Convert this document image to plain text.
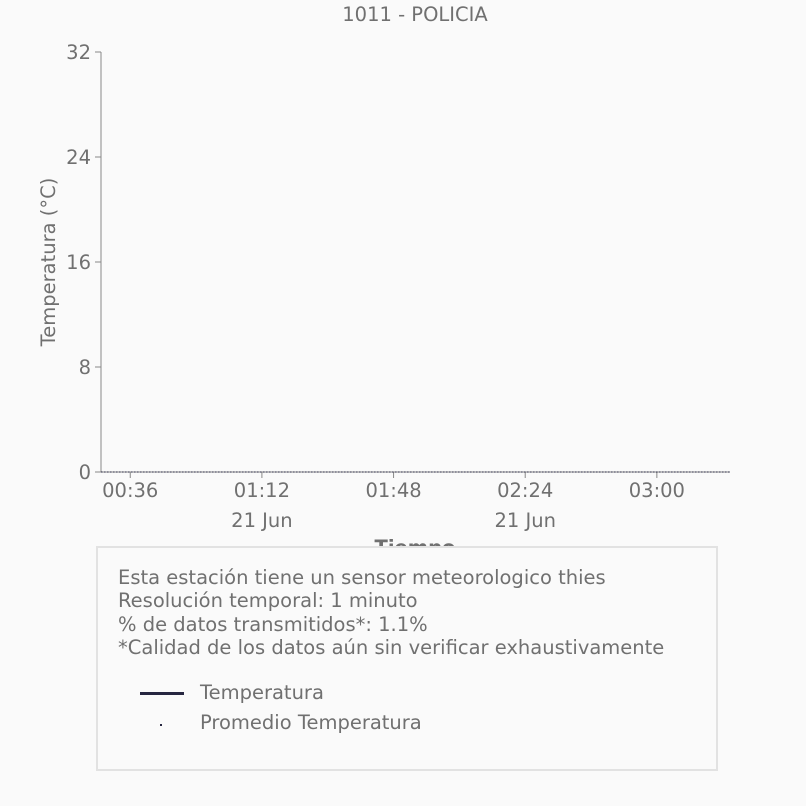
1011 - POLICIA
0
8
16
24
32
00:36	01:12
21 Jun
01:48	02:24
21 Jun
03:00
Temperatura (°C)
Esta estación tiene un sensor meteorologico thies
Resolución temporal: 1 minuto
% de datos transmitidos*: 1.1%
*Calidad de los datos aún sin verificar exhaustivamente
Temperatura
Promedio Temperatura
